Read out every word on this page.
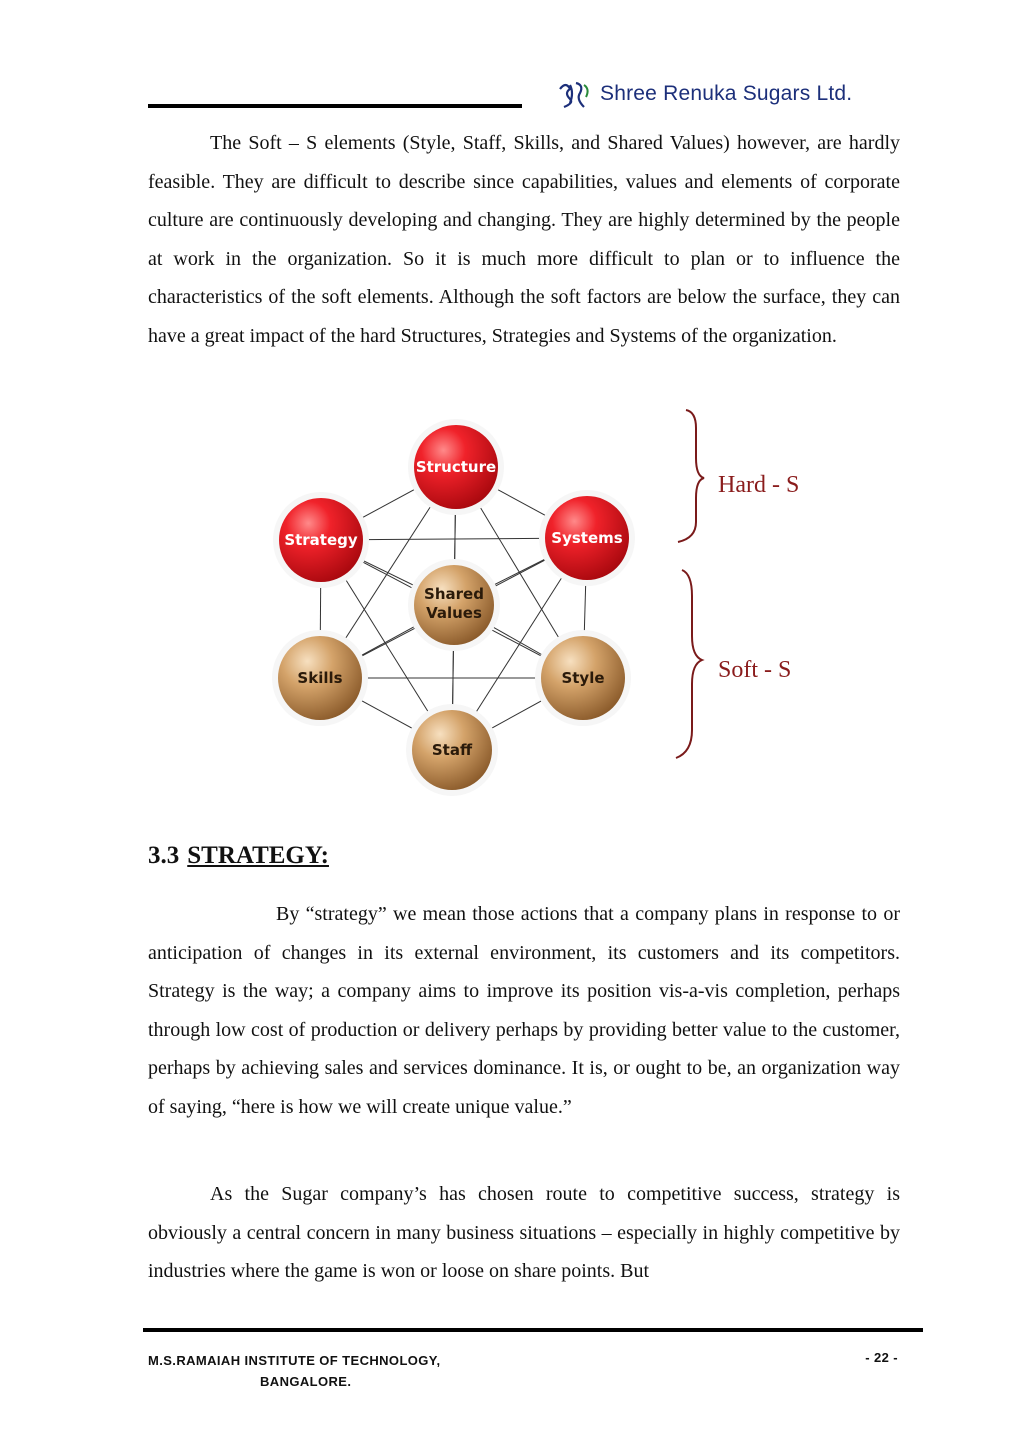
Shree Renuka Sugars Ltd.

The Soft – S elements (Style, Staff, Skills, and Shared Values) however, are hardly feasible. They are difficult to describe since capabilities, values and elements of corporate culture are continuously developing and changing. They are highly determined by the people at work in the organization. So it is much more difficult to plan or to influence the characteristics of the soft elements. Although the soft factors are below the surface, they can have a great impact of the hard Structures, Strategies and Systems of the organization.

Structure
Strategy	Systems
Shared
Values
Skills	Style
Staff
Hard - S
Soft - S
3.3 STRATEGY:

By “strategy” we mean those actions that a company plans in response to or anticipation of changes in its external environment, its customers and its competitors. Strategy is the way; a company aims to improve its position vis-a-vis completion, perhaps through low cost of production or delivery perhaps by providing better value to the customer, perhaps by achieving sales and services dominance. It is, or ought to be, an organization way of saying, “here is how we will create unique value.”

As the Sugar company’s has chosen route to competitive success, strategy is obviously a central concern in many business situations – especially in highly competitive by industries where the game is won or loose on share points. But

M.S.RAMAIAH INSTITUTE OF TECHNOLOGY,
BANGALORE.
- 22 -
